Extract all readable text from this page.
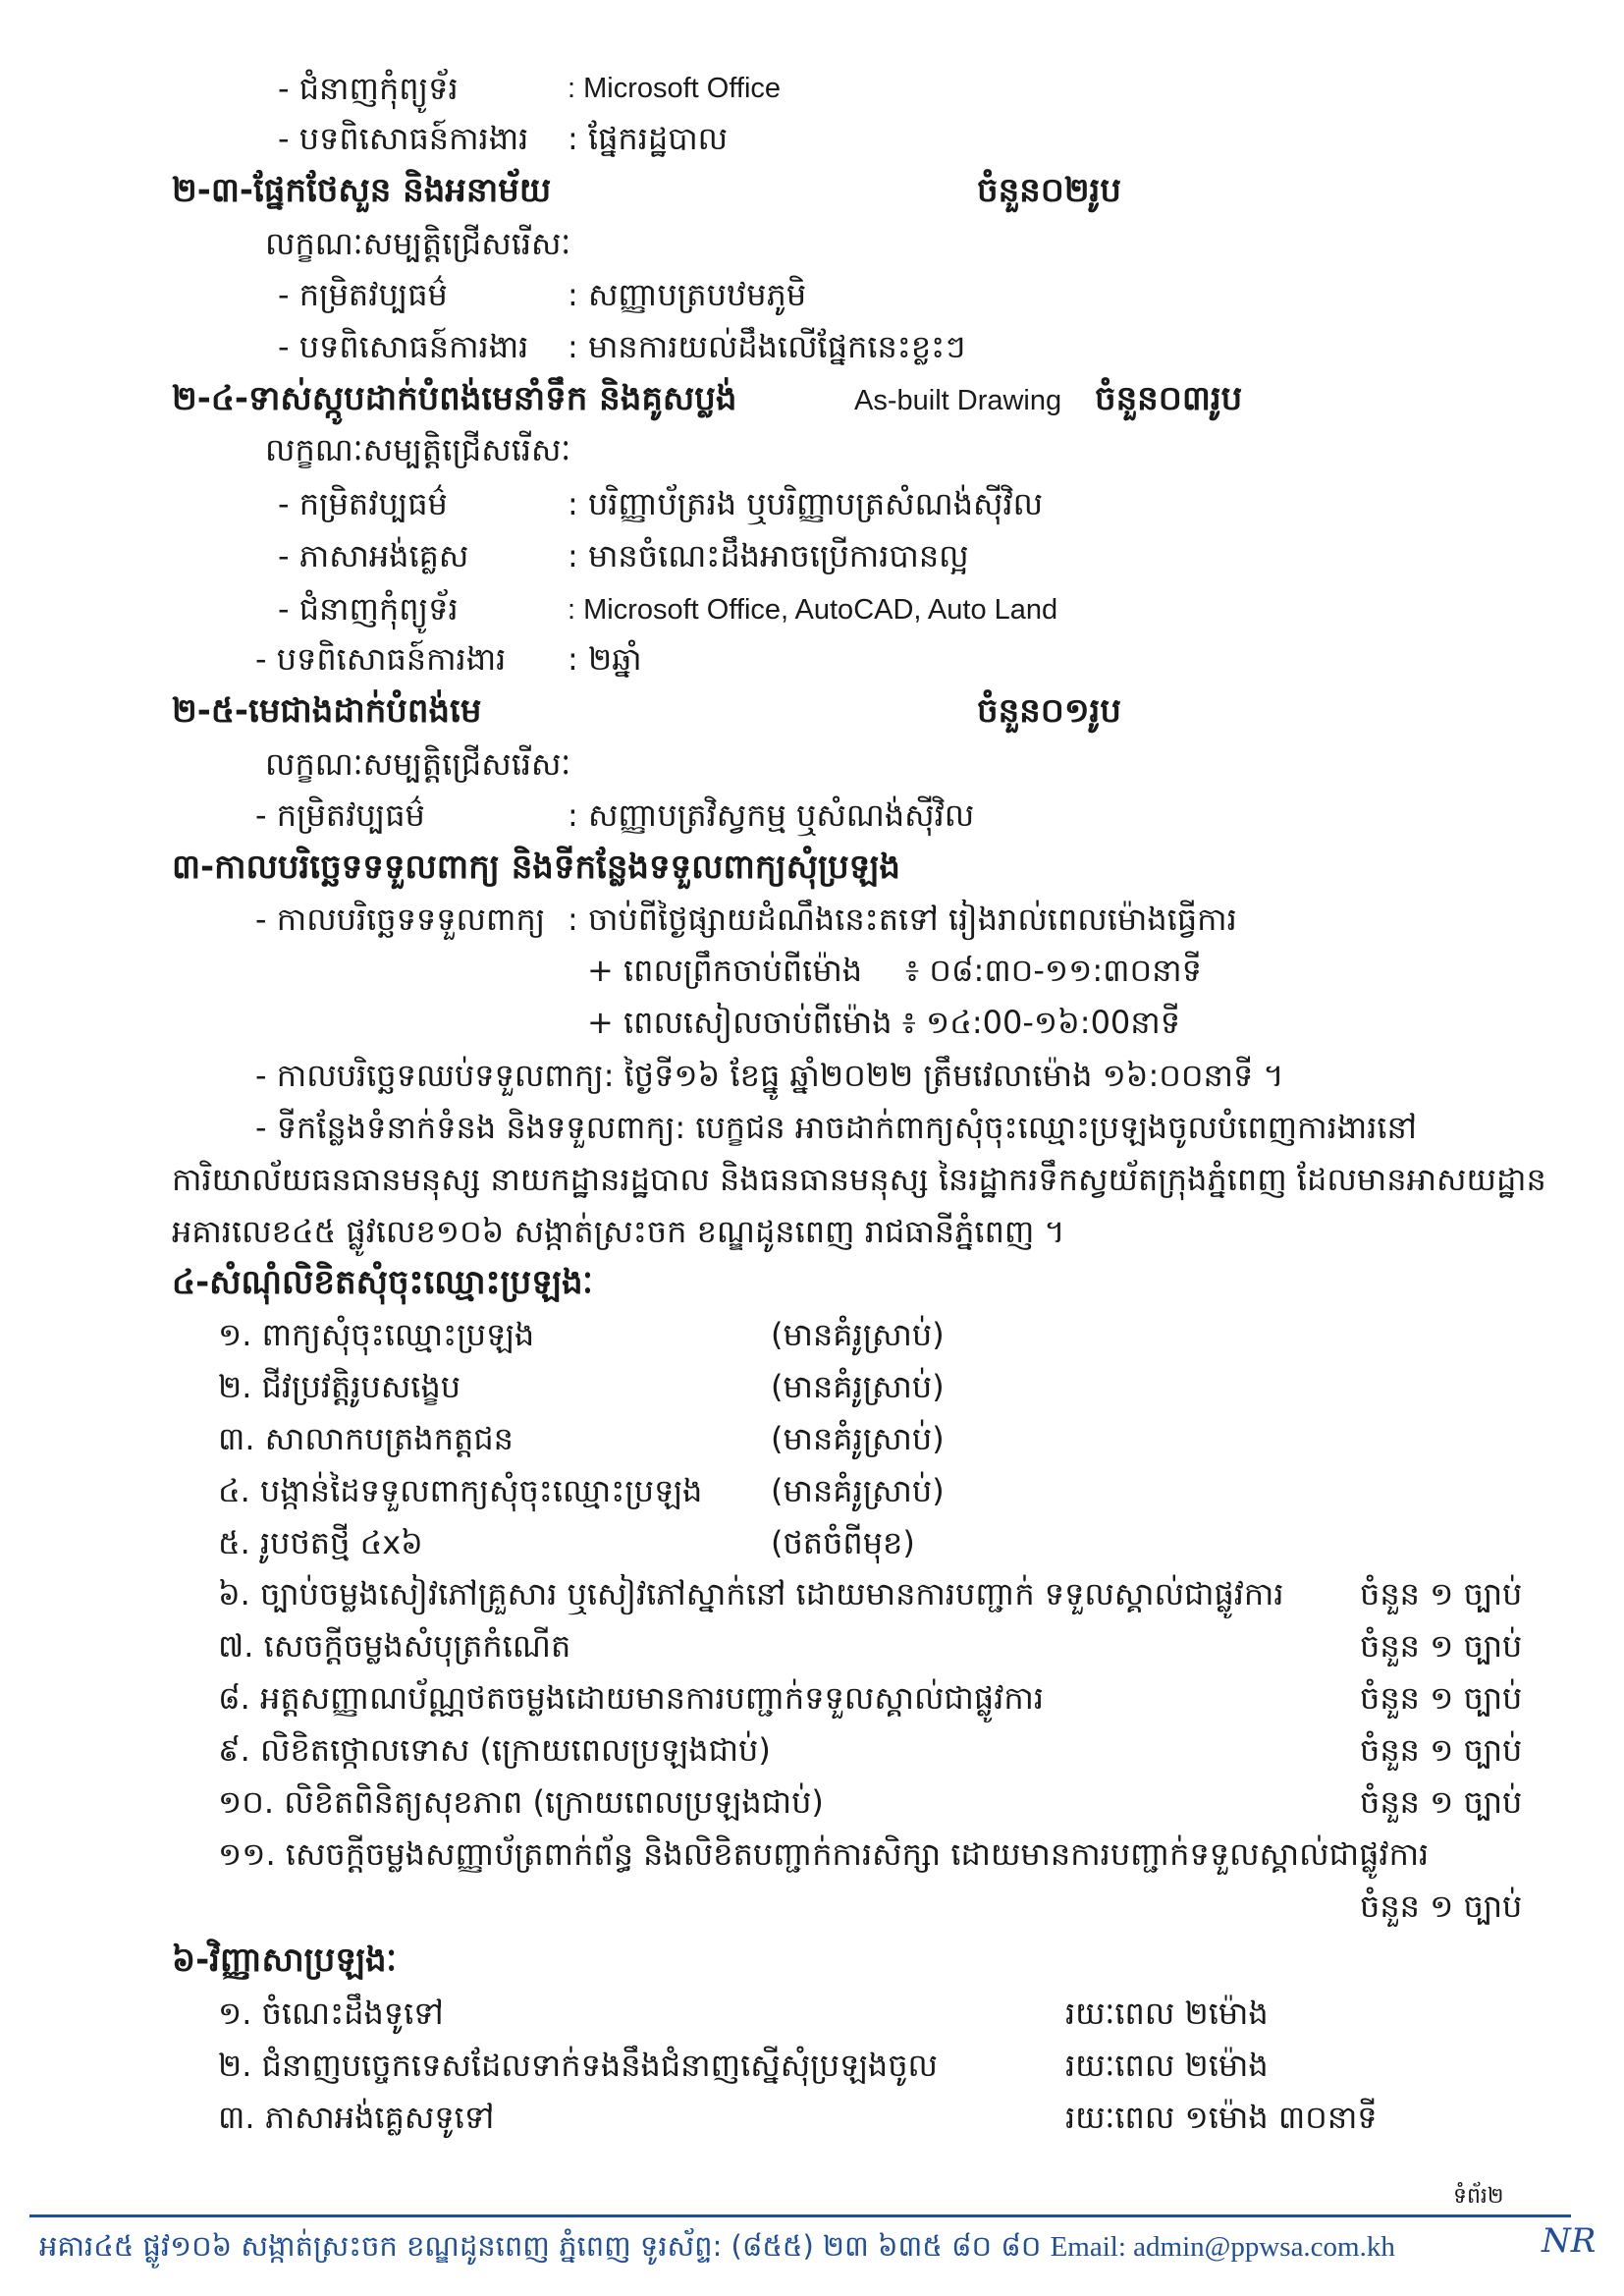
- ជំនាញកុំព្យូទ័រ	: Microsoft Office
- បទពិសោធន៍ការងារ : ផ្នែករដ្ឋបាល
២-៣-ផ្នែកថែសួន និងអនាម័យ	ចំនួន០២រូប
លក្ខណៈសម្បត្តិជ្រើសរើសៈ
- កម្រិតវប្បធម៌	: សញ្ញាបត្របឋមភូមិ
- បទពិសោធន៍ការងារ : មានការយល់ដឹងលើផ្នែកនេះខ្លះៗ
២-៤-ទាស់ស្កូបដាក់បំពង់មេនាំទឹក និងគូសប្លង់	As-built Drawing ចំនួន០៣រូប
លក្ខណៈសម្បត្តិជ្រើសរើសៈ
- កម្រិតវប្បធម៌	: បរិញ្ញាប័ត្ររង ឬបរិញ្ញាបត្រសំណង់ស៊ីវិល
- ភាសាអង់គ្លេស	: មានចំណេះដឹងអាចប្រើការបានល្អ
- ជំនាញកុំព្យូទ័រ	: Microsoft Office, AutoCAD, Auto Land
- បទពិសោធន៍ការងារ : ២ឆ្នាំ
២-៥-មេជាងដាក់បំពង់មេ	ចំនួន០១រូប
លក្ខណៈសម្បត្តិជ្រើសរើសៈ
- កម្រិតវប្បធម៌	: សញ្ញាបត្រវិស្វកម្ម ឬសំណង់ស៊ីវិល
៣-កាលបរិច្ឆេទទទួលពាក្យ និងទីកន្លែងទទួលពាក្យសុំប្រឡង
- កាលបរិច្ឆេទទទួលពាក្យ : ចាប់ពីថ្ងៃផ្សាយដំណឹងនេះតទៅ រៀងរាល់ពេលម៉ោងធ្វើការ
+ ពេលព្រឹកចាប់ពីម៉ោង ៖ ០៨:៣០-១១:៣០នាទី
+ ពេលសៀលចាប់ពីម៉ោង ៖ ១៤:00-១៦:00នាទី
- កាលបរិច្ឆេទឈប់ទទួលពាក្យ: ថ្ងៃទី១៦ ខែធ្នូ ឆ្នាំ២០២២ ត្រឹមវេលាម៉ោង ១៦:០០នាទី ។
- ទីកន្លែងទំនាក់ទំនង និងទទួលពាក្យ: បេក្ខជន អាចដាក់ពាក្យសុំចុះឈ្មោះប្រឡងចូលបំពេញការងារនៅ
ការិយាល័យធនធានមនុស្ស នាយកដ្ឋានរដ្ឋបាល និងធនធានមនុស្ស នៃរដ្ឋាករទឹកស្វយ័តក្រុងភ្នំពេញ ដែលមានអាសយដ្ឋាន
អគារលេខ៤៥ ផ្លូវលេខ១០៦ សង្កាត់ស្រះចក ខណ្ឌដូនពេញ រាជធានីភ្នំពេញ ។
៤-សំណុំលិខិតសុំចុះឈ្មោះប្រឡងៈ
១. ពាក្យសុំចុះឈ្មោះប្រឡង	(មានគំរូស្រាប់)
២. ជីវប្រវត្តិរូបសង្ខេប	(មានគំរូស្រាប់)
៣. សាលាកបត្រងកត្តជន	(មានគំរូស្រាប់)
៤. បង្កាន់ដៃទទួលពាក្យសុំចុះឈ្មោះប្រឡង (មានគំរូស្រាប់)
៥. រូបថតថ្មី ៤x៦	(ថតចំពីមុខ)
៦. ច្បាប់ចម្លងសៀវភៅគ្រួសារ ឬសៀវភៅស្នាក់នៅ ដោយមានការបញ្ជាក់ ទទួលស្គាល់ជាផ្លូវការ ចំនួន ១ ច្បាប់
៧. សេចក្តីចម្លងសំបុត្រកំណើត	ចំនួន ១ ច្បាប់
៨. អត្តសញ្ញាណប័ណ្ណថតចម្លងដោយមានការបញ្ជាក់ទទួលស្គាល់ជាផ្លូវការ	ចំនួន ១ ច្បាប់
៩. លិខិតថ្កោលទោស (ក្រោយពេលប្រឡងជាប់)	ចំនួន ១ ច្បាប់
១០. លិខិតពិនិត្យសុខភាព (ក្រោយពេលប្រឡងជាប់)	ចំនួន ១ ច្បាប់
១១. សេចក្តីចម្លងសញ្ញាប័ត្រពាក់ព័ន្ធ និងលិខិតបញ្ជាក់ការសិក្សា ដោយមានការបញ្ជាក់ទទួលស្គាល់ជាផ្លូវការ
ចំនួន ១ ច្បាប់
៦-វិញ្ញាសាប្រឡងៈ
១. ចំណេះដឹងទូទៅ	រយៈពេល ២ម៉ោង
២. ជំនាញបច្ចេកទេសដែលទាក់ទងនឹងជំនាញស្នើសុំប្រឡងចូល	រយៈពេល ២ម៉ោង
៣. ភាសាអង់គ្លេសទូទៅ	រយៈពេល ១ម៉ោង ៣០នាទី
ទំព័រ២
អគារ៤៥ ផ្លូវ១០៦ សង្កាត់ស្រះចក ខណ្ឌដូនពេញ ភ្នំពេញ ទូរស័ព្ទ: (៨៥៥) ២៣ ៦៣៥ ៨០ ៨០ Email: admin@ppwsa.com.kh	NR
